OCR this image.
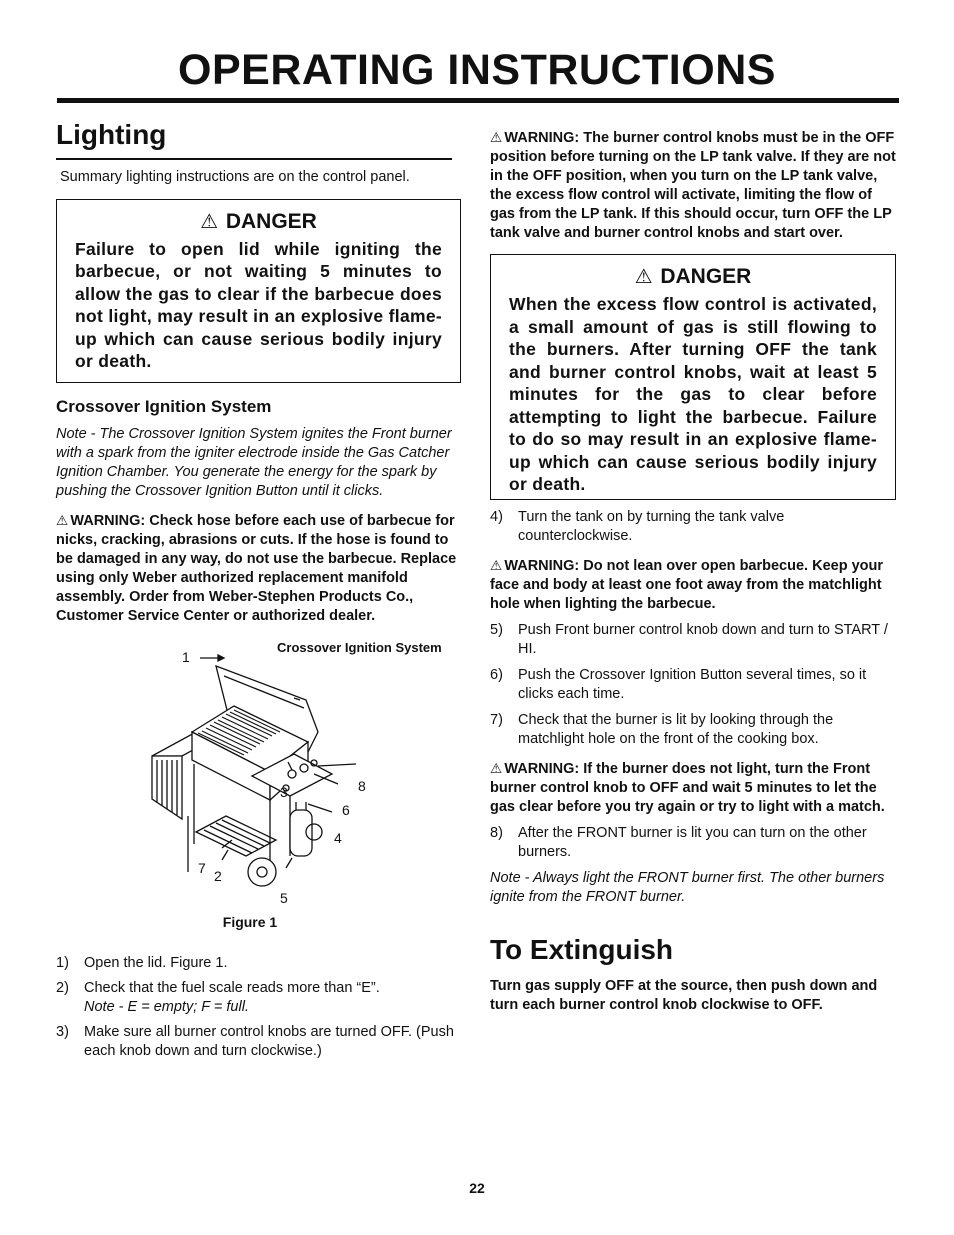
OPERATING INSTRUCTIONS
Lighting

Summary lighting instructions are on the control panel.

⚠ DANGER

Failure to open lid while igniting the barbecue, or not waiting 5 minutes to allow the gas to clear if the barbecue does not light, may result in an explosive flame-up which can cause serious bodily injury or death.

Crossover Ignition System

Note - The Crossover Ignition System ignites the Front burner with a spark from the igniter electrode inside the Gas Catcher Ignition Chamber. You generate the energy for the spark by pushing the Crossover Ignition Button until it clicks.

⚠ WARNING: Check hose before each use of barbecue for nicks, cracking, abrasions or cuts. If the hose is found to be damaged in any way, do not use the barbecue. Replace using only Weber authorized replacement manifold assembly. Order from Weber-Stephen Products Co., Customer Service Center or authorized dealer.

Crossover Ignition System
1
2
3
4
5
6
7
8
Figure 1
1)	Open the lid. Figure 1.
2)	Check that the fuel scale reads more than “E”.
Note - E = empty; F = full.
3)	Make sure all burner control knobs are turned OFF. (Push each knob down and turn clockwise.)

⚠ WARNING: The burner control knobs must be in the OFF position before turning on the LP tank valve. If they are not in the OFF position, when you turn on the LP tank valve, the excess flow control will activate, limiting the flow of gas from the LP tank. If this should occur, turn OFF the LP tank valve and burner control knobs and start over.

⚠ DANGER

When the excess flow control is activated, a small amount of gas is still flowing to the burners. After turning OFF the tank and burner control knobs, wait at least 5 minutes for the gas to clear before attempting to light the barbecue. Failure to do so may result in an explosive flame-up which can cause serious bodily injury or death.

4)	Turn the tank on by turning the tank valve counterclockwise.

⚠ WARNING: Do not lean over open barbecue. Keep your face and body at least one foot away from the matchlight hole when lighting the barbecue.

5)	Push Front burner control knob down and turn to START / HI.
6)	Push the Crossover Ignition Button several times, so it clicks each time.
7)	Check that the burner is lit by looking through the matchlight hole on the front of the cooking box.

⚠ WARNING: If the burner does not light, turn the Front burner control knob to OFF and wait 5 minutes to let the gas clear before you try again or try to light with a match.

8)	After the FRONT burner is lit you can turn on the other burners.

Note - Always light the FRONT burner first. The other burners ignite from the FRONT burner.

To Extinguish

Turn gas supply OFF at the source, then push down and turn each burner control knob clockwise to OFF.

22
